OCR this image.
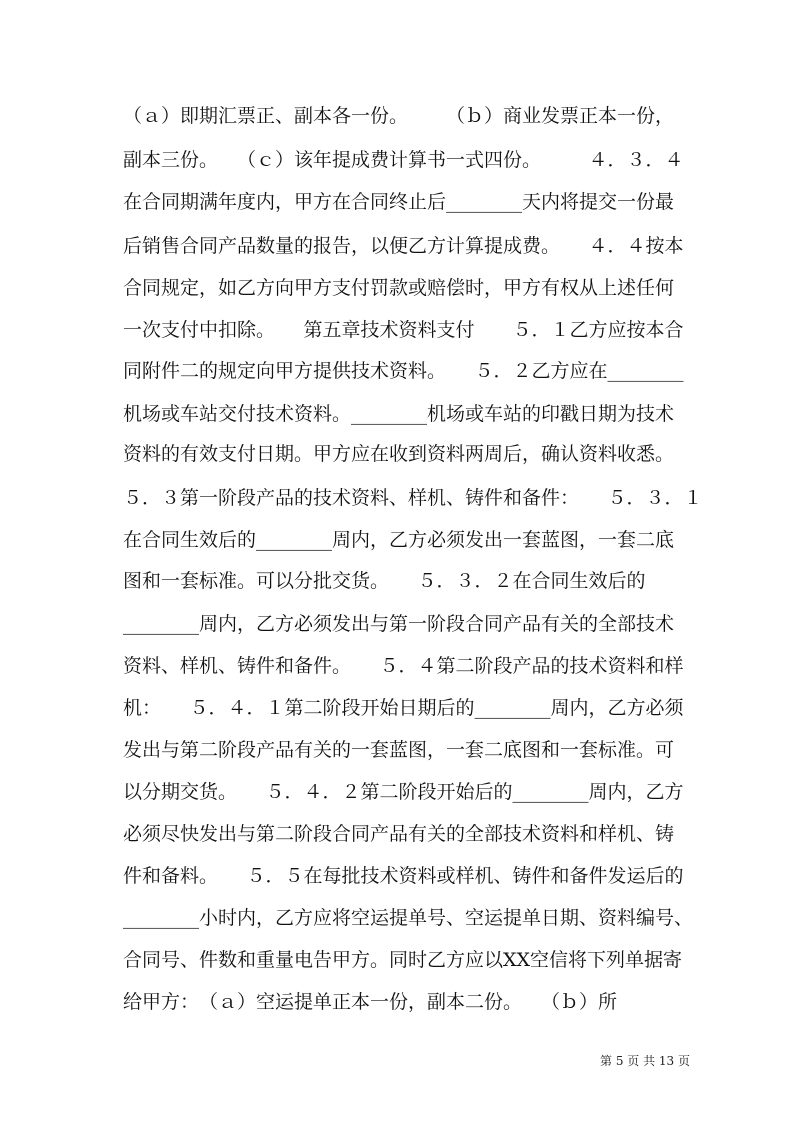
（ａ）即期汇票正、副本各一份。　　　（ｂ）商业发票正本一份，
副本三份。　　（ｃ）该年提成费计算书一式四份。　　　４．３．４
在合同期满年度内，甲方在合同终止后________天内将提交一份最
后销售合同产品数量的报告，以便乙方计算提成费。　　４．４按本
合同规定，如乙方向甲方支付罚款或赔偿时，甲方有权从上述任何
一次支付中扣除。　　第五章技术资料支付　　５．１乙方应按本合
同附件二的规定向甲方提供技术资料。　　５．２乙方应在________
机场或车站交付技术资料。________机场或车站的印戳日期为技术
资料的有效支付日期。甲方应在收到资料两周后，确认资料收悉。
５．３第一阶段产品的技术资料、样机、铸件和备件：　　５．３．１
在合同生效后的________周内，乙方必须发出一套蓝图，一套二底
图和一套标准。可以分批交货。　　５．３．２在合同生效后的
________周内，乙方必须发出与第一阶段合同产品有关的全部技术
资料、样机、铸件和备件。　　５．４第二阶段产品的技术资料和样
机：　　５．４．１第二阶段开始日期后的________周内，乙方必须
发出与第二阶段产品有关的一套蓝图，一套二底图和一套标准。可
以分期交货。　　５．４．２第二阶段开始后的________周内，乙方
必须尽快发出与第二阶段合同产品有关的全部技术资料和样机、铸
件和备料。　　５．５在每批技术资料或样机、铸件和备件发运后的
________小时内，乙方应将空运提单号、空运提单日期、资料编号、
合同号、件数和重量电告甲方。同时乙方应以XX空信将下列单据寄
给甲方：　（ａ）空运提单正本一份，副本二份。　　（ｂ）所
第 5 页 共 13 页
